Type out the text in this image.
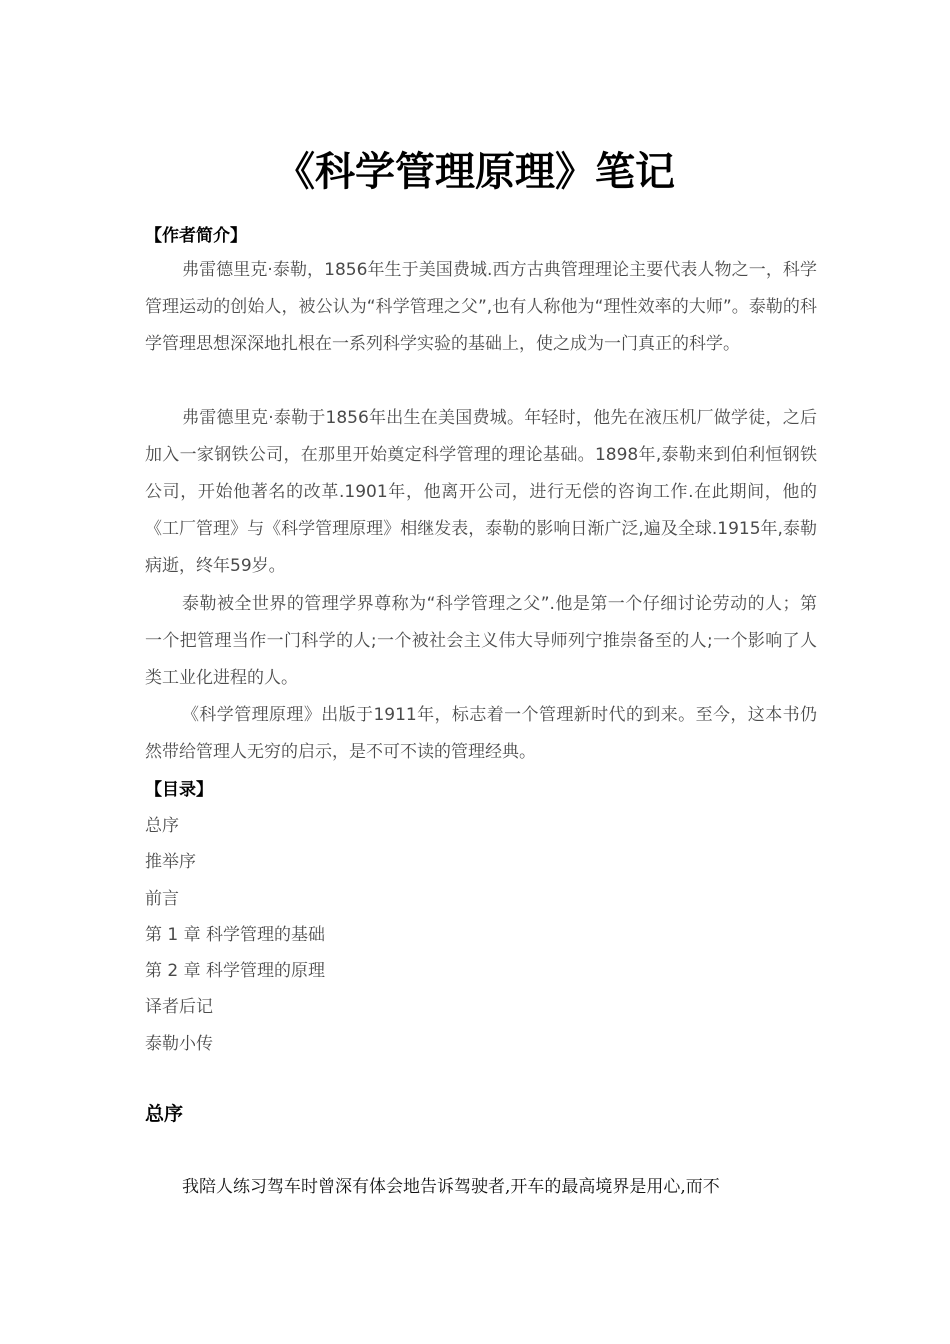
《科学管理原理》笔记

【作者简介】

弗雷德里克·泰勒，1856年生于美国费城.西方古典管理理论主要代表人物之一，科学管理运动的创始人，被公认为“科学管理之父”,也有人称他为“理性效率的大师”。泰勒的科学管理思想深深地扎根在一系列科学实验的基础上，使之成为一门真正的科学。

弗雷德里克·泰勒于1856年出生在美国费城。年轻时，他先在液压机厂做学徒，之后加入一家钢铁公司，在那里开始奠定科学管理的理论基础。1898年,泰勒来到伯利恒钢铁公司，开始他著名的改革.1901年，他离开公司，进行无偿的咨询工作.在此期间，他的《工厂管理》与《科学管理原理》相继发表，泰勒的影响日渐广泛,遍及全球.1915年,泰勒病逝，终年59岁。

泰勒被全世界的管理学界尊称为“科学管理之父”.他是第一个仔细讨论劳动的人；第一个把管理当作一门科学的人;一个被社会主义伟大导师列宁推崇备至的人;一个影响了人类工业化进程的人。

《科学管理原理》出版于1911年，标志着一个管理新时代的到来。至今，这本书仍然带给管理人无穷的启示，是不可不读的管理经典。

【目录】

总序
推举序
前言
第 1 章 科学管理的基础
第 2 章 科学管理的原理
译者后记
泰勒小传
总序

我陪人练习驾车时曾深有体会地告诉驾驶者,开车的最高境界是用心,而不
